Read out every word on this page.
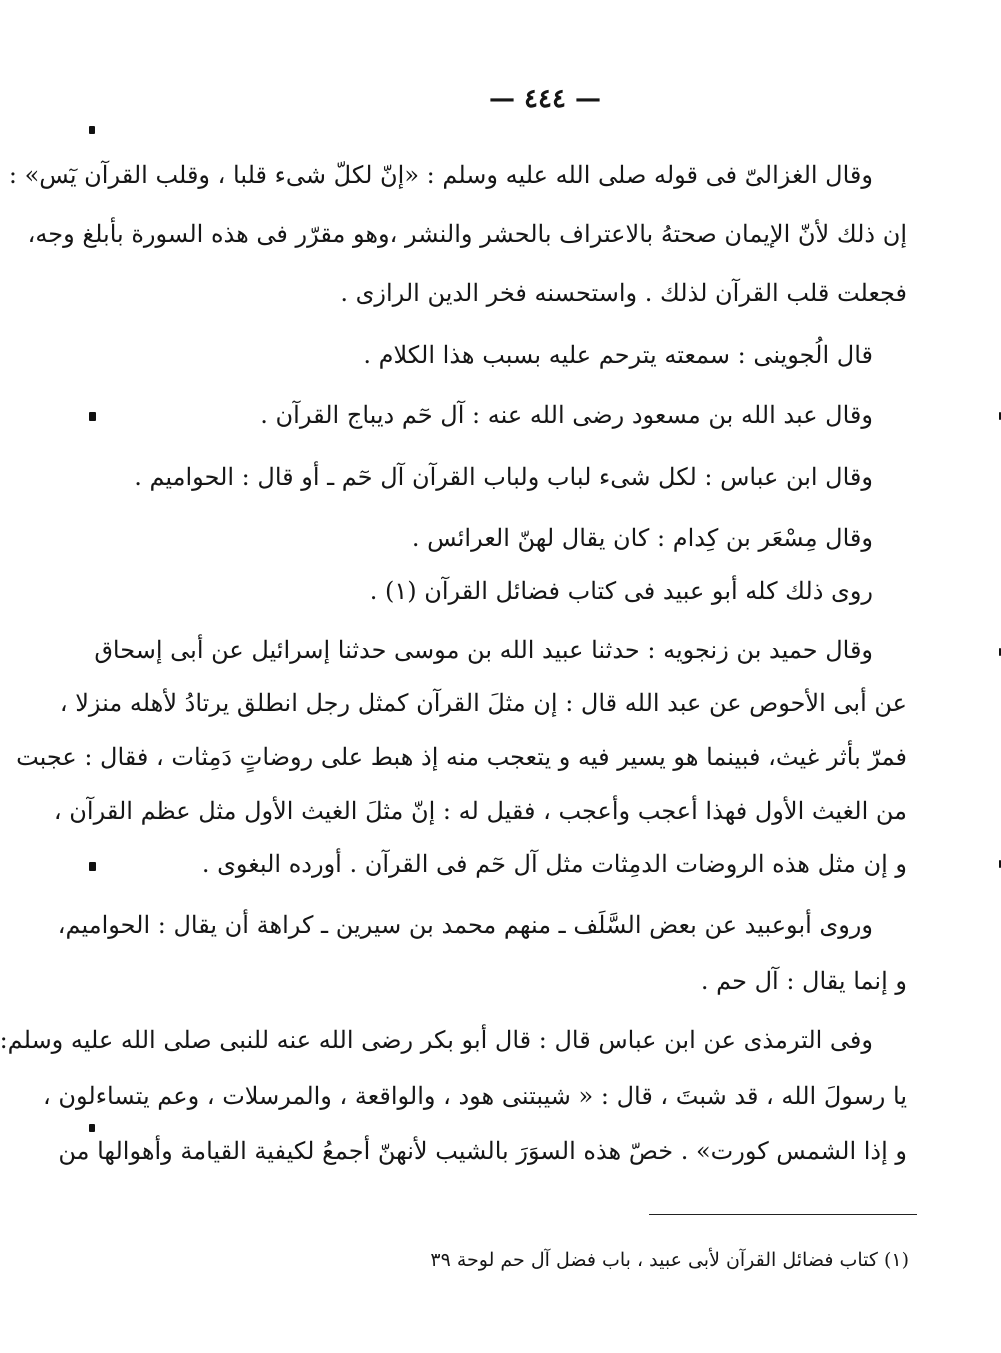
— ٤٤٤ —
وقال الغزالىّ فى قوله صلى الله عليه وسلم : «إنّ لكلّ شىء قلبا ، وقلب القرآن يٓس» :
إن ذلك لأنّ الإيمان صحتهُ بالاعتراف بالحشر والنشر ،وهو مقرّر فى هذه السورة بأبلغ وجه،
فجعلت قلب القرآن لذلك . واستحسنه فخر الدين الرازى .
قال الُجوينى : سمعته يترحم عليه بسبب هذا الكلام .
وقال عبد الله بن مسعود رضى الله عنه : آل حٓم ديباج القرآن .
وقال ابن عباس : لكل شىء لباب ولباب القرآن آل حٓم ـ أو قال : الحواميم .
وقال مِسْعَر بن كِدام : كان يقال لهنّ العرائس .
روى ذلك كله أبو عبيد فى كتاب فضائل القرآن (١) .
وقال حميد بن زنجويه : حدثنا عبيد الله بن موسى حدثنا إسرائيل عن أبى إسحاق
عن أبى الأحوص عن عبد الله قال : إن مثلَ القرآن كمثل رجل انطلق يرتادُ لأهله منزلا ،
فمرّ بأثر غيث، فبينما هو يسير فيه و يتعجب منه إذ هبط على روضاتٍ دَمِثات ، فقال : عجبت
من الغيث الأول فهذا أعجب وأعجب ، فقيل له : إنّ مثلَ الغيث الأول مثل عظم القرآن ،
و إن مثل هذه الروضات الدمِثات مثل آل حٓم فى القرآن . أورده البغوى .
وروى أبوعبيد عن بعض السَّلَف ـ منهم محمد بن سيرين ـ كراهة أن يقال : الحواميم،
و إنما يقال : آل حم .
وفى الترمذى عن ابن عباس قال : قال أبو بكر رضى الله عنه للنبى صلى الله عليه وسلم:
يا رسولَ الله ، قد شبتَ ، قال : « شيبتنى هود ، والواقعة ، والمرسلات ، وعم يتساءلون ،
و إذا الشمس كورت» . خصّ هذه السوَرَ بالشيب لأنهنّ أجمعُ لكيفية القيامة وأهوالها من
(١) كتاب فضائل القرآن لأبى عبيد ، باب فضل آل حم لوحة ٣٩
